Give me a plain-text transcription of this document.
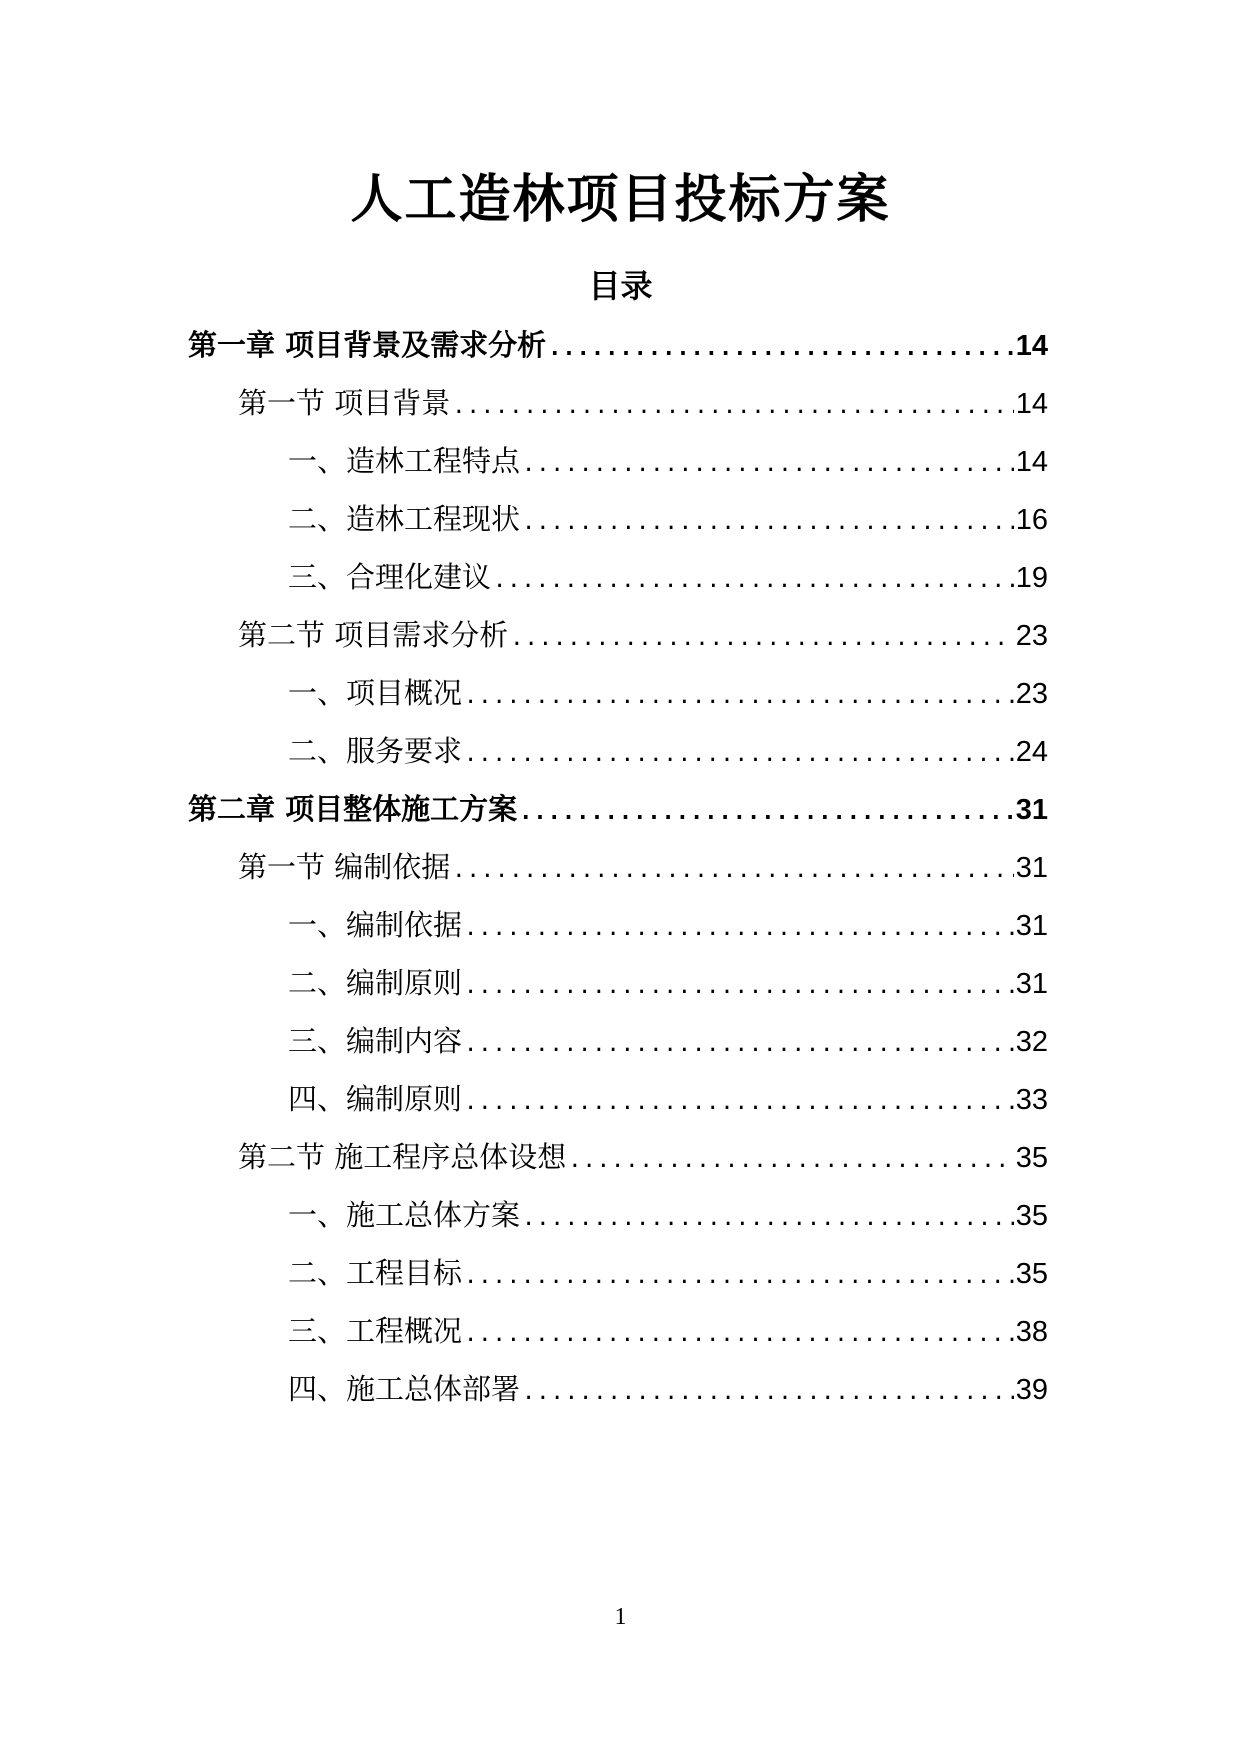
人工造林项目投标方案
目录
第一章 项目背景及需求分析 .....	14
第一节 项目背景 .....	14
一、造林工程特点 .....	14
二、造林工程现状 .....	16
三、合理化建议 .....	19
第二节 项目需求分析 .....	23
一、项目概况 .....	23
二、服务要求 .....	24
第二章 项目整体施工方案 .....	31
第一节 编制依据 .....	31
一、编制依据 .....	31
二、编制原则 .....	31
三、编制内容 .....	32
四、编制原则 .....	33
第二节 施工程序总体设想 .....	35
一、施工总体方案 .....	35
二、工程目标 .....	35
三、工程概况 .....	38
四、施工总体部署 .....	39
1
